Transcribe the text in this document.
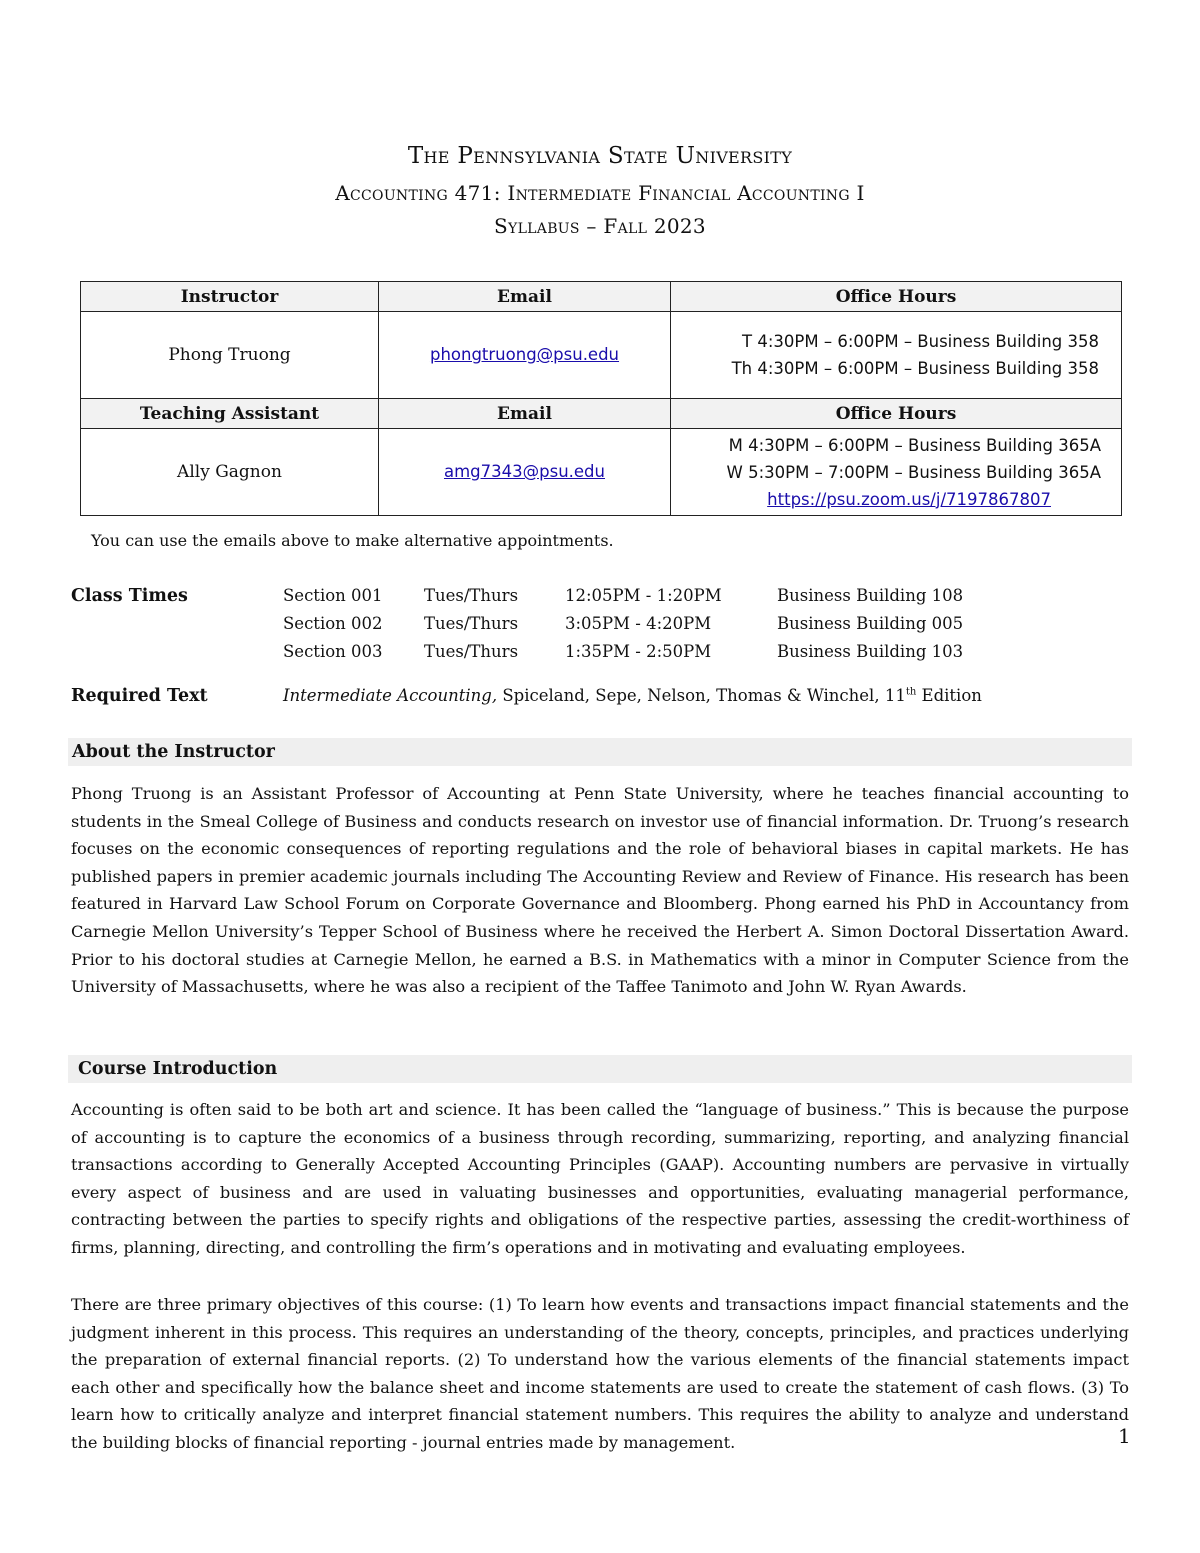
The Pennsylvania State University
Accounting 471: Intermediate Financial Accounting I
Syllabus – Fall 2023
Instructor	Email	Office Hours
Phong Truong	phongtruong@psu.edu	T 4:30PM – 6:00PM – Business Building 358
Th 4:30PM – 6:00PM – Business Building 358

Teaching Assistant	Email	Office Hours
Ally Gagnon	amg7343@psu.edu	M 4:30PM – 6:00PM – Business Building 365A
W 5:30PM – 7:00PM – Business Building 365A
https://psu.zoom.us/j/7197867807
You can use the emails above to make alternative appointments.
Class Times	Section 001	Tues/Thurs	12:05PM - 1:20PM	Business Building 108
Section 002	Tues/Thurs	3:05PM - 4:20PM	Business Building 005
Section 003	Tues/Thurs	1:35PM - 2:50PM	Business Building 103
Required Text	Intermediate Accounting, Spiceland, Sepe, Nelson, Thomas & Winchel, 11th Edition
About the Instructor
Phong Truong is an Assistant Professor of Accounting at Penn State University, where he teaches financial accounting to students in the Smeal College of Business and conducts research on investor use of financial information. Dr. Truong’s research focuses on the economic consequences of reporting regulations and the role of behavioral biases in capital markets. He has published papers in premier academic journals including The Accounting Review and Review of Finance. His research has been featured in Harvard Law School Forum on Corporate Governance and Bloomberg. Phong earned his PhD in Accountancy from Carnegie Mellon University’s Tepper School of Business where he received the Herbert A. Simon Doctoral Dissertation Award. Prior to his doctoral studies at Carnegie Mellon, he earned a B.S. in Mathematics with a minor in Computer Science from the University of Massachusetts, where he was also a recipient of the Taffee Tanimoto and John W. Ryan Awards.
Course Introduction
Accounting is often said to be both art and science. It has been called the “language of business.” This is because the purpose of accounting is to capture the economics of a business through recording, summarizing, reporting, and analyzing financial transactions according to Generally Accepted Accounting Principles (GAAP). Accounting numbers are pervasive in virtually every aspect of business and are used in valuating businesses and opportunities, evaluating managerial performance, contracting between the parties to specify rights and obligations of the respective parties, assessing the credit-worthiness of firms, planning, directing, and controlling the firm’s operations and in motivating and evaluating employees.
There are three primary objectives of this course: (1) To learn how events and transactions impact financial statements and the judgment inherent in this process. This requires an understanding of the theory, concepts, principles, and practices underlying the preparation of external financial reports. (2) To understand how the various elements of the financial statements impact each other and specifically how the balance sheet and income statements are used to create the statement of cash flows. (3) To learn how to critically analyze and interpret financial statement numbers. This requires the ability to analyze and understand the building blocks of financial reporting - journal entries made by management.	1
